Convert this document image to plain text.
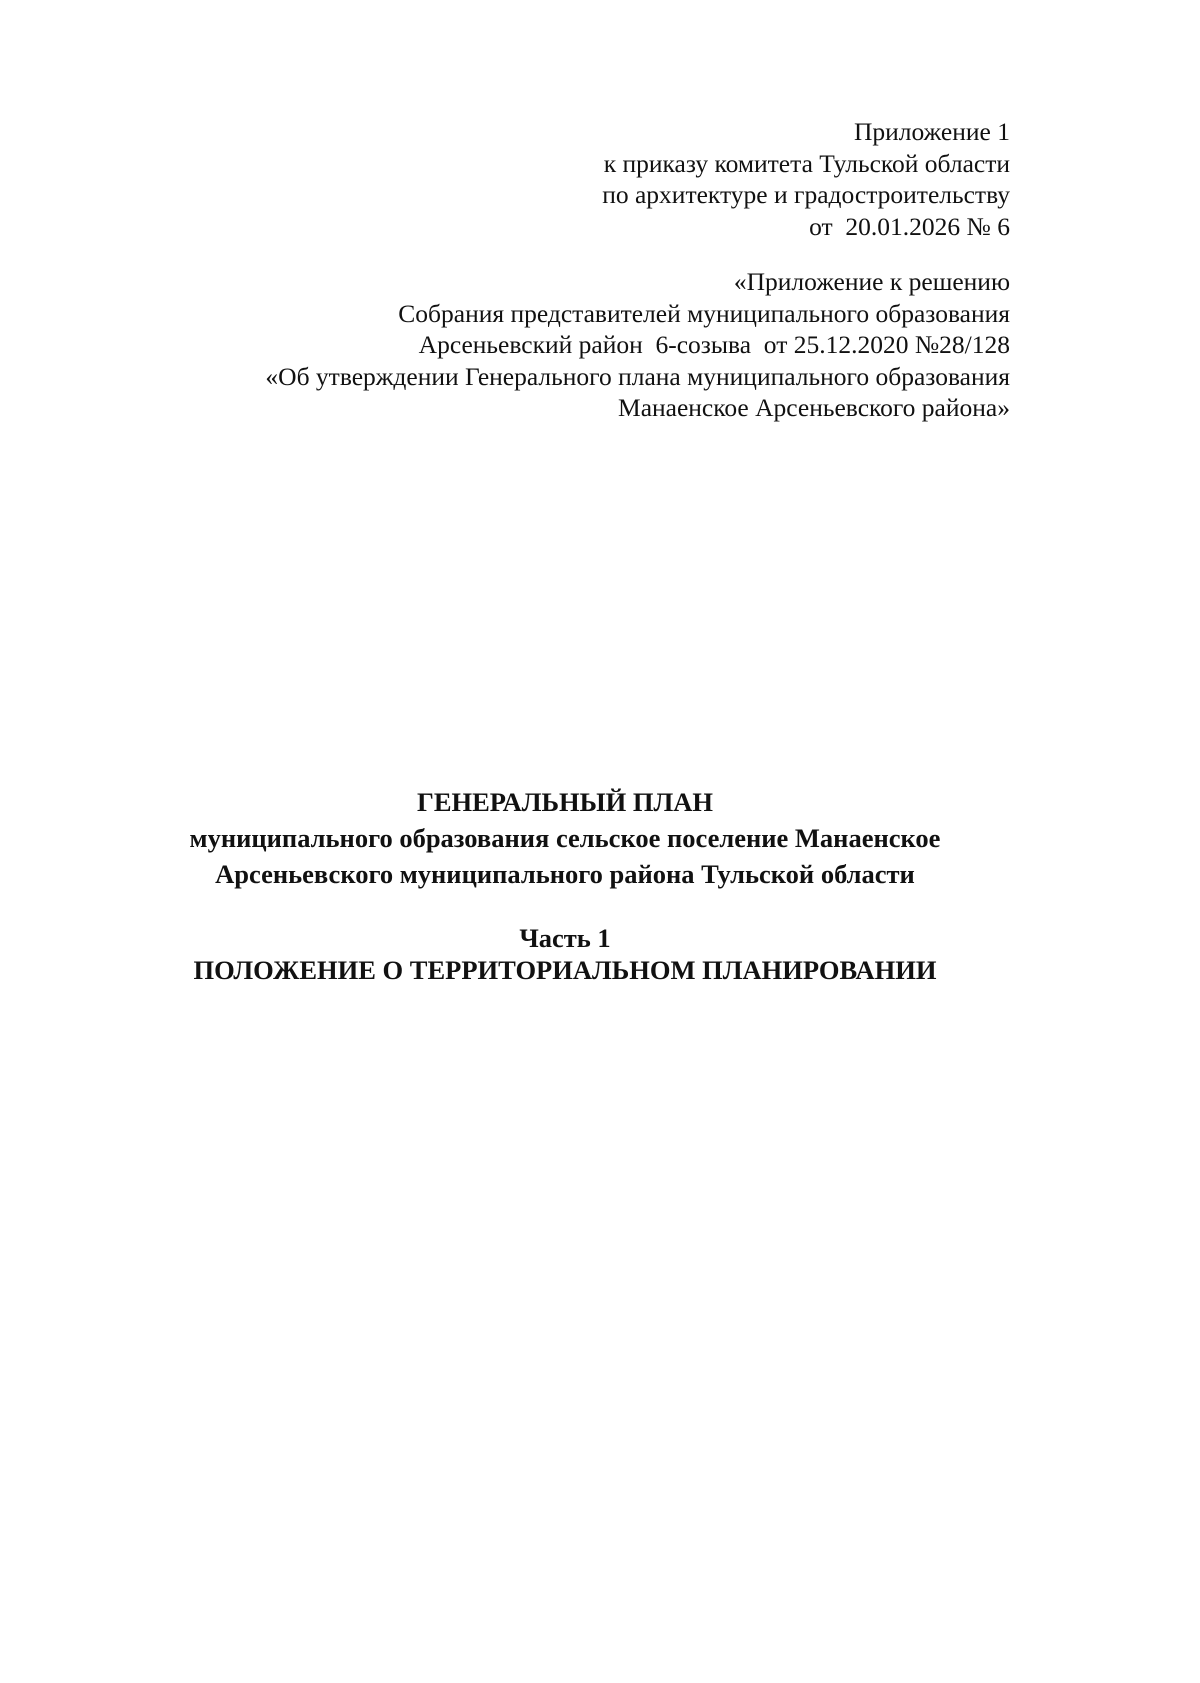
Приложение 1
к приказу комитета Тульской области
по архитектуре и градостроительству
от  20.01.2026 № 6
«Приложение к решению
Собрания представителей муниципального образования
Арсеньевский район  6-созыва  от 25.12.2020 №28/128
«Об утверждении Генерального плана муниципального образования
Манаенское Арсеньевского района»
ГЕНЕРАЛЬНЫЙ ПЛАН
муниципального образования сельское поселение Манаенское
Арсеньевского муниципального района Тульской области
Часть 1
ПОЛОЖЕНИЕ О ТЕРРИТОРИАЛЬНОМ ПЛАНИРОВАНИИ
